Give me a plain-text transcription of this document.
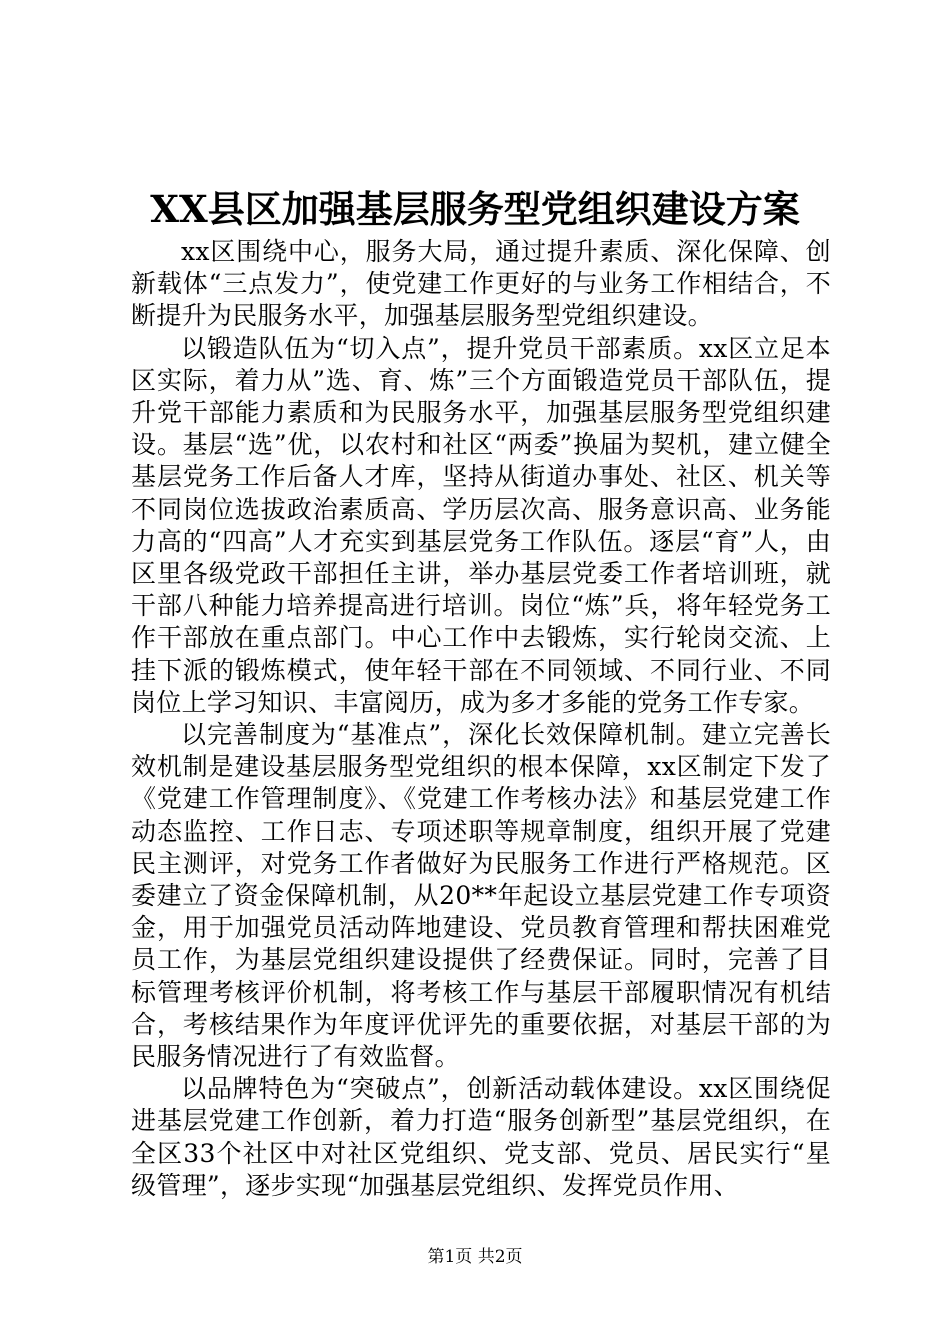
XX县区加强基层服务型党组织建设方案

xx区围绕中心，服务大局，通过提升素质、深化保障、创新载体“三点发力”，使党建工作更好的与业务工作相结合，不断提升为民服务水平，加强基层服务型党组织建设。

以锻造队伍为“切入点”，提升党员干部素质。xx区立足本区实际，着力从”选、育、炼”三个方面锻造党员干部队伍，提升党干部能力素质和为民服务水平，加强基层服务型党组织建设。基层“选”优，以农村和社区“两委”换届为契机，建立健全基层党务工作后备人才库，坚持从街道办事处、社区、机关等不同岗位选拔政治素质高、学历层次高、服务意识高、业务能力高的“四高”人才充实到基层党务工作队伍。逐层“育”人，由区里各级党政干部担任主讲，举办基层党委工作者培训班，就干部八种能力培养提高进行培训。岗位“炼”兵，将年轻党务工作干部放在重点部门。中心工作中去锻炼，实行轮岗交流、上挂下派的锻炼模式，使年轻干部在不同领域、不同行业、不同岗位上学习知识、丰富阅历，成为多才多能的党务工作专家。

以完善制度为“基准点”，深化长效保障机制。建立完善长效机制是建设基层服务型党组织的根本保障，xx区制定下发了《党建工作管理制度》、《党建工作考核办法》和基层党建工作动态监控、工作日志、专项述职等规章制度，组织开展了党建民主测评，对党务工作者做好为民服务工作进行严格规范。区委建立了资金保障机制，从20**年起设立基层党建工作专项资金，用于加强党员活动阵地建设、党员教育管理和帮扶困难党员工作，为基层党组织建设提供了经费保证。同时，完善了目标管理考核评价机制，将考核工作与基层干部履职情况有机结合，考核结果作为年度评优评先的重要依据，对基层干部的为民服务情况进行了有效监督。

以品牌特色为“突破点”，创新活动载体建设。xx区围绕促进基层党建工作创新，着力打造“服务创新型”基层党组织，在全区33个社区中对社区党组织、党支部、党员、居民实行“星级管理”，逐步实现“加强基层党组织、发挥党员作用、

第1页 共2页
